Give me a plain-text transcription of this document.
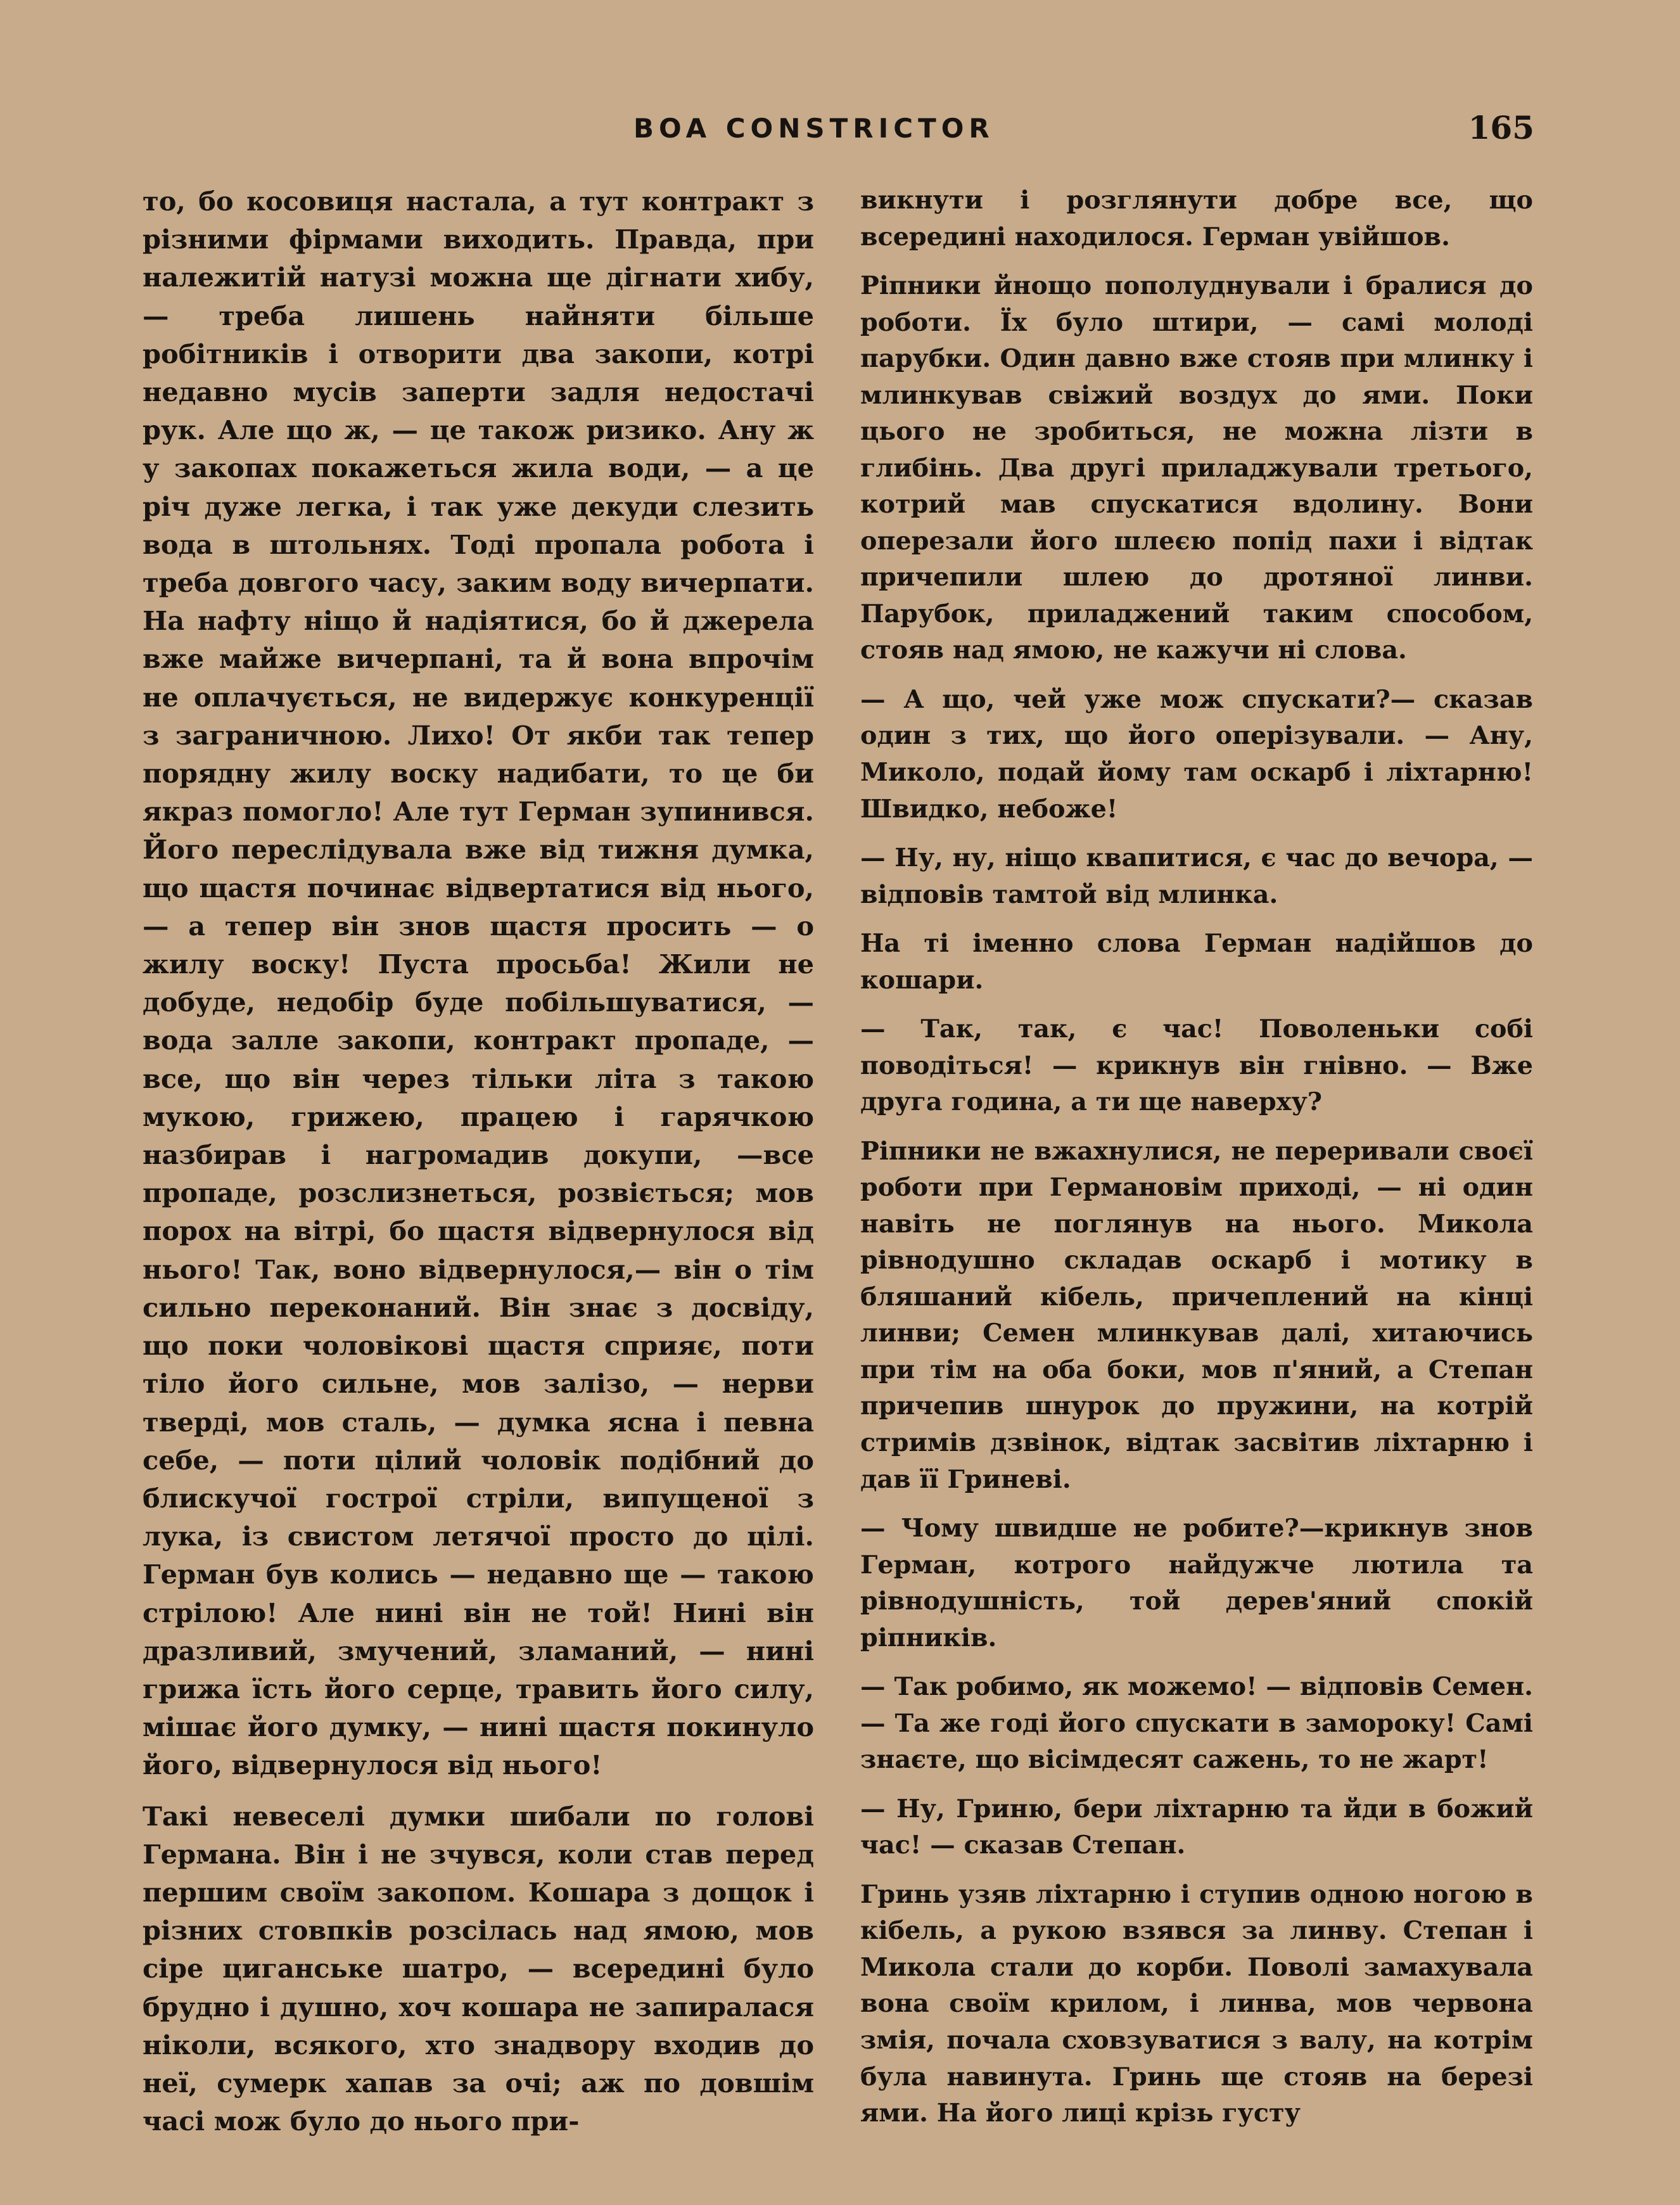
BOA CONSTRICTOR	165

то, бо косовиця настала, а тут контракт з різними фірмами виходить. Правда, при належитій натузі можна ще дігнати хибу, — треба лишень найняти більше робітників і отворити два закопи, котрі недавно мусів заперти задля недостачі рук. Але що ж, — це також ризико. Ану ж у закопах покажеться жила води, — а це річ дуже легка, і так уже декуди слезить вода в штольнях. Тоді пропала робота і треба довгого часу, заким воду вичерпати. На нафту ніщо й надіятися, бо й джерела вже майже вичерпані, та й вона впрочім не оплачується, не видержує конкуренції з заграничною. Лихо! От якби так тепер порядну жилу воску надибати, то це би якраз помогло! Але тут Герман зупинився. Його переслідувала вже від тижня думка, що щастя починає відвертатися від нього, — а тепер він знов щастя просить — о жилу воску! Пуста просьба! Жили не добуде, недобір буде побільшуватися, — вода залле закопи, контракт пропаде, — все, що він через тільки літа з такою мукою, грижею, працею і гарячкою назбирав і нагромадив докупи, —все пропаде, розслизнеться, розвіється; мов порох на вітрі, бо щастя відвернулося від нього! Так, воно відвернулося,— він о тім сильно переконаний. Він знає з досвіду, що поки чоловікові щастя сприяє, поти тіло його сильне, мов залізо, — нерви тверді, мов сталь, — думка ясна і певна себе, — поти цілий чоловік подібний до блискучої гострої стріли, випущеної з лука, із свистом летячої просто до цілі. Герман був колись — недавно ще — такою стрілою! Але нині він не той! Нині він дразливий, змучений, зламаний, — нині грижа їсть його серце, травить його силу, мішає його думку, — нині щастя покинуло його, відвернулося від нього!

Такі невеселі думки шибали по голові Германа. Він і не зчувся, коли став перед першим своїм закопом. Кошара з дощок і різних стовпків розсілась над ямою, мов сіре циганське шатро, — всередині було брудно і душно, хоч кошара не запиралася ніколи, всякого, хто знадвору входив до неї, сумерк хапав за очі; аж по довшім часі мож було до нього при-

викнути і розглянути добре все, що всередині находилося. Герман увійшов.

Ріпники йнощо пополуднували і бралися до роботи. Їх було штири, — самі молоді парубки. Один давно вже стояв при млинку і млинкував свіжий воздух до ями. Поки цього не зробиться, не можна лізти в глибінь. Два другі приладжували третього, котрий мав спускатися вдолину. Вони оперезали його шлеєю попід пахи і відтак причепили шлею до дротяної линви. Парубок, приладжений таким способом, стояв над ямою, не кажучи ні слова.

— А що, чей уже мож спускати?— сказав один з тих, що його оперізували. — Ану, Миколо, подай йому там оскарб і ліхтарню! Швидко, небоже!

— Ну, ну, ніщо квапитися, є час до вечора, — відповів тамтой від млинка.

На ті іменно слова Герман надійшов до кошари.

— Так, так, є час! Поволеньки собі поводіться! — крикнув він гнівно. — Вже друга година, а ти ще наверху?

Ріпники не вжахнулися, не переривали своєї роботи при Германовім приході, — ні один навіть не поглянув на нього. Микола рівнодушно складав оскарб і мотику в бляшаний кібель, причеплений на кінці линви; Семен млинкував далі, хитаючись при тім на оба боки, мов п'яний, а Степан причепив шнурок до пружини, на котрій стримів дзвінок, відтак засвітив ліхтарню і дав її Гриневі.

— Чому швидше не робите?—крикнув знов Герман, котрого найдужче лютила та рівнодушність, той дерев'яний спокій ріпників.

— Так робимо, як можемо! — відповів Семен. — Та же годі його спускати в замороку! Самі знаєте, що вісімдесят сажень, то не жарт!

— Ну, Гриню, бери ліхтарню та йди в божий час! — сказав Степан.

Гринь узяв ліхтарню і ступив одною ногою в кібель, а рукою взявся за линву. Степан і Микола стали до корби. Поволі замахувала вона своїм крилом, і линва, мов червона змія, почала сховзуватися з валу, на котрім була навинута. Гринь ще стояв на березі ями. На його лиці крізь густу
